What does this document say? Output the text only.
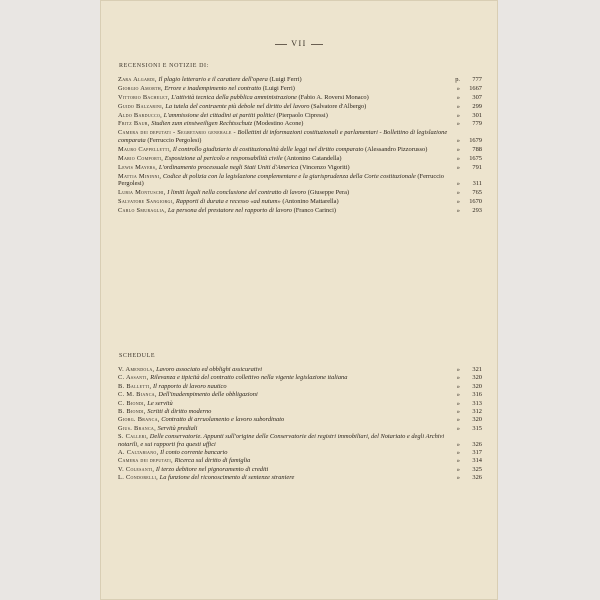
VII
RECENSIONI E NOTIZIE DI:
Zara Algardi, Il plagio letterario e il carattere dell'opera (Luigi Ferri)	p.	777
Giorgio Amorth, Errore e inadempimento nel contratto (Luigi Ferri)	»	1667
Vittorio Bachelet, L'attività tecnica della pubblica amministrazione (Fabio A. Roversi Monaco)	»	307
Guido Balzarini, La tutela del contraente più debole nel diritto del lavoro (Salvatore d'Albergo)	»	299
Aldo Barducco, L'ammissione dei cittadini ai partiti politici (Pierpaolo Cipressi)	»	301
Fritz Baur, Studien zum einstweiligen Rechtsschutz (Modestino Acone)	»	779
Camera dei deputati - Segretario generale - Bollettini di informazioni costituzionali e parlamentari - Bollettino di legislazione comparata (Ferruccio Pergolesi)	»	1679
Mauro Cappelletti, Il controllo giudiziario di costituzionalità delle leggi nel diritto comparato (Alessandro Pizzorusso)	»	788
Mario Comporti, Esposizione al pericolo e responsabilità civile (Antonino Catandella)	»	1675
Lewis Mayers, L'ordinamento processuale negli Stati Uniti d'America (Vincenzo Vigoriti)	»	791
Mattia Mininni, Codice di polizia con la legislazione complementare e la giurisprudenza della Corte costituzionale (Ferruccio Pergolesi)	»	311
Lubia Montuschi, I limiti legali nella conclusione del contratto di lavoro (Giuseppe Pera)	»	765
Salvatore Sangiorgi, Rapporti di durata e recesso «ad nutum» (Antonino Mattarella)	»	1670
Carlo Smuraglia, La persona del prestatore nel rapporto di lavoro (Franco Carinci)	»	293
SCHEDULE
V. Amendola, Lavoro associato ed obblighi assicurativi	»	321
C. Assanti, Rilevanza e tipicità del contratto collettivo nella vigente legislazione italiana	»	320
B. Balletti, Il rapporto di lavoro nautico	»	320
C. M. Bianca, Dell'inadempimento delle obbligazioni	»	316
C. Biondi, Le servitù	»	313
B. Biondi, Scritti di diritto moderno	»	312
Giorg. Branca, Contratto di arruolamento e lavoro subordinato	»	320
Gius. Branca, Servitù prediali	»	315
S. Calleri, Delle conservatorie. Appunti sull'origine delle Conservatorie dei registri immobiliari, del Notariato e degli Archivi notarili, e sui rapporti fra questi uffici	»	326
A. Caltabiano, Il conto corrente bancario	»	317
Camera dei deputati, Ricerca sul diritto di famiglia	»	314
V. Colesanti, Il terzo debitore nel pignoramento di crediti	»	325
L. Condorelli, La funzione del riconoscimento di sentenze straniere	»	326
